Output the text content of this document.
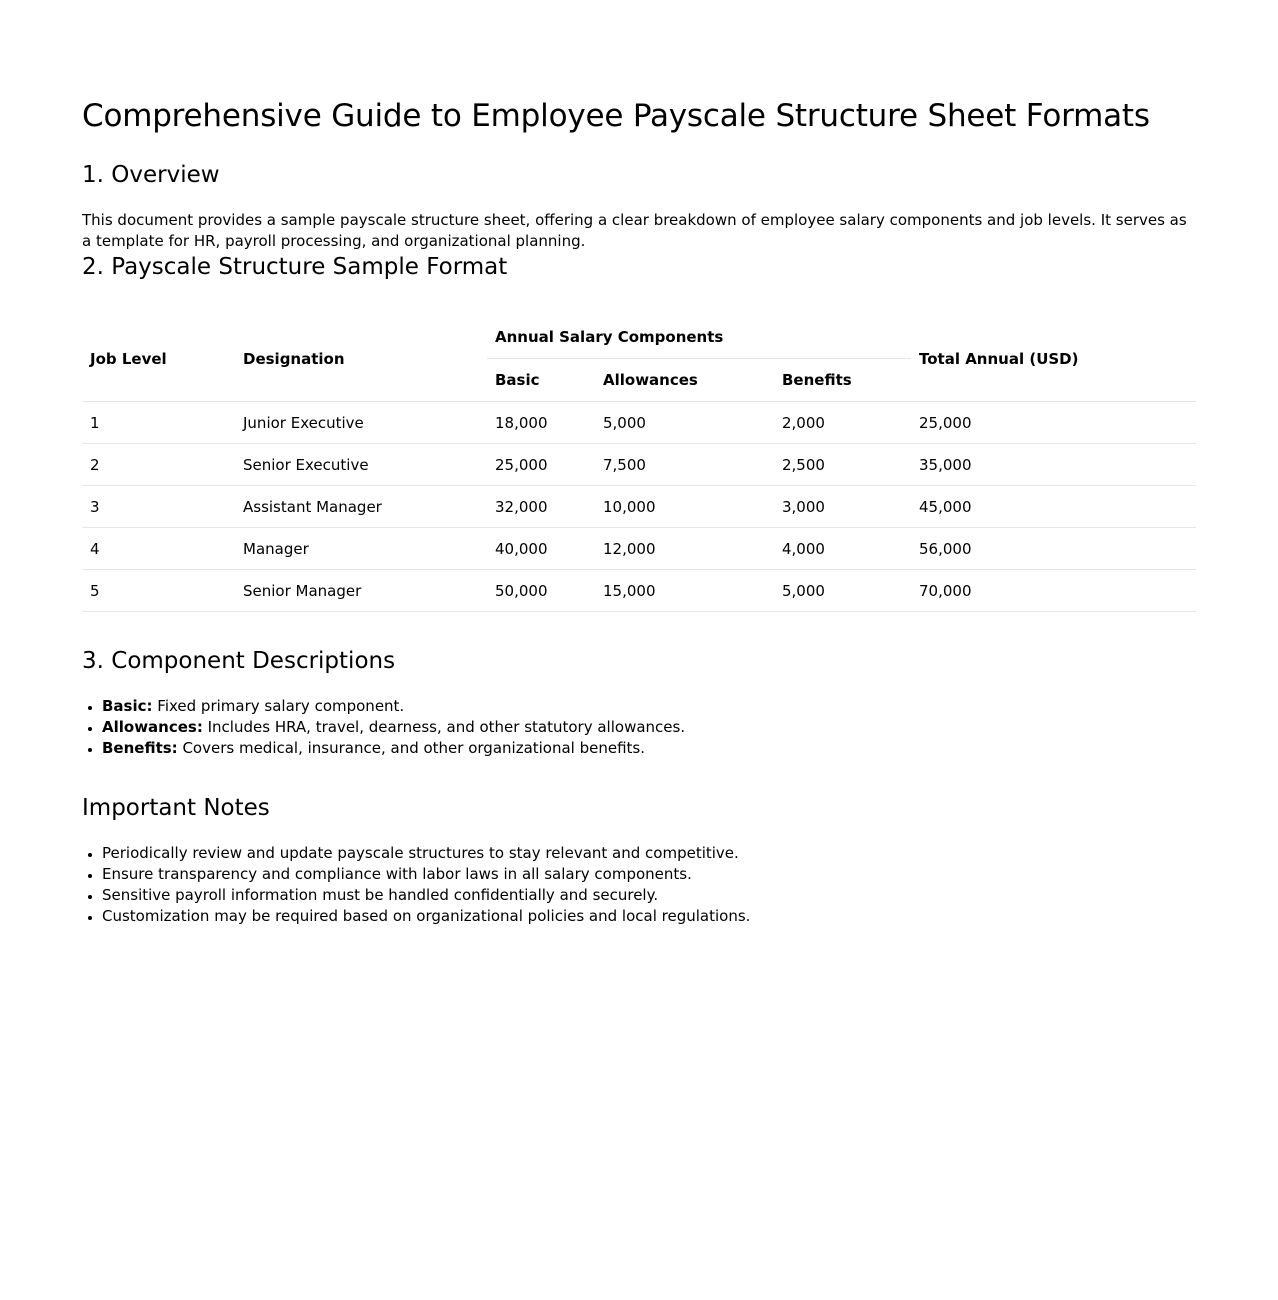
Comprehensive Guide to Employee Payscale Structure Sheet Formats
1. Overview

This document provides a sample payscale structure sheet, offering a clear breakdown of employee salary components and job levels. It serves as a template for HR, payroll processing, and organizational planning.

2. Payscale Structure Sample Format
Job Level	Designation	Annual Salary Components			Total Annual (USD)
		Basic	Allowances	Benefits	
1	Junior Executive	18,000	5,000	2,000	25,000
2	Senior Executive	25,000	7,500	2,500	35,000
3	Assistant Manager	32,000	10,000	3,000	45,000
4	Manager	40,000	12,000	4,000	56,000
5	Senior Manager	50,000	15,000	5,000	70,000
3. Component Descriptions
• Basic: Fixed primary salary component.
• Allowances: Includes HRA, travel, dearness, and other statutory allowances.
• Benefits: Covers medical, insurance, and other organizational benefits.
Important Notes
• Periodically review and update payscale structures to stay relevant and competitive.
• Ensure transparency and compliance with labor laws in all salary components.
• Sensitive payroll information must be handled confidentially and securely.
• Customization may be required based on organizational policies and local regulations.
